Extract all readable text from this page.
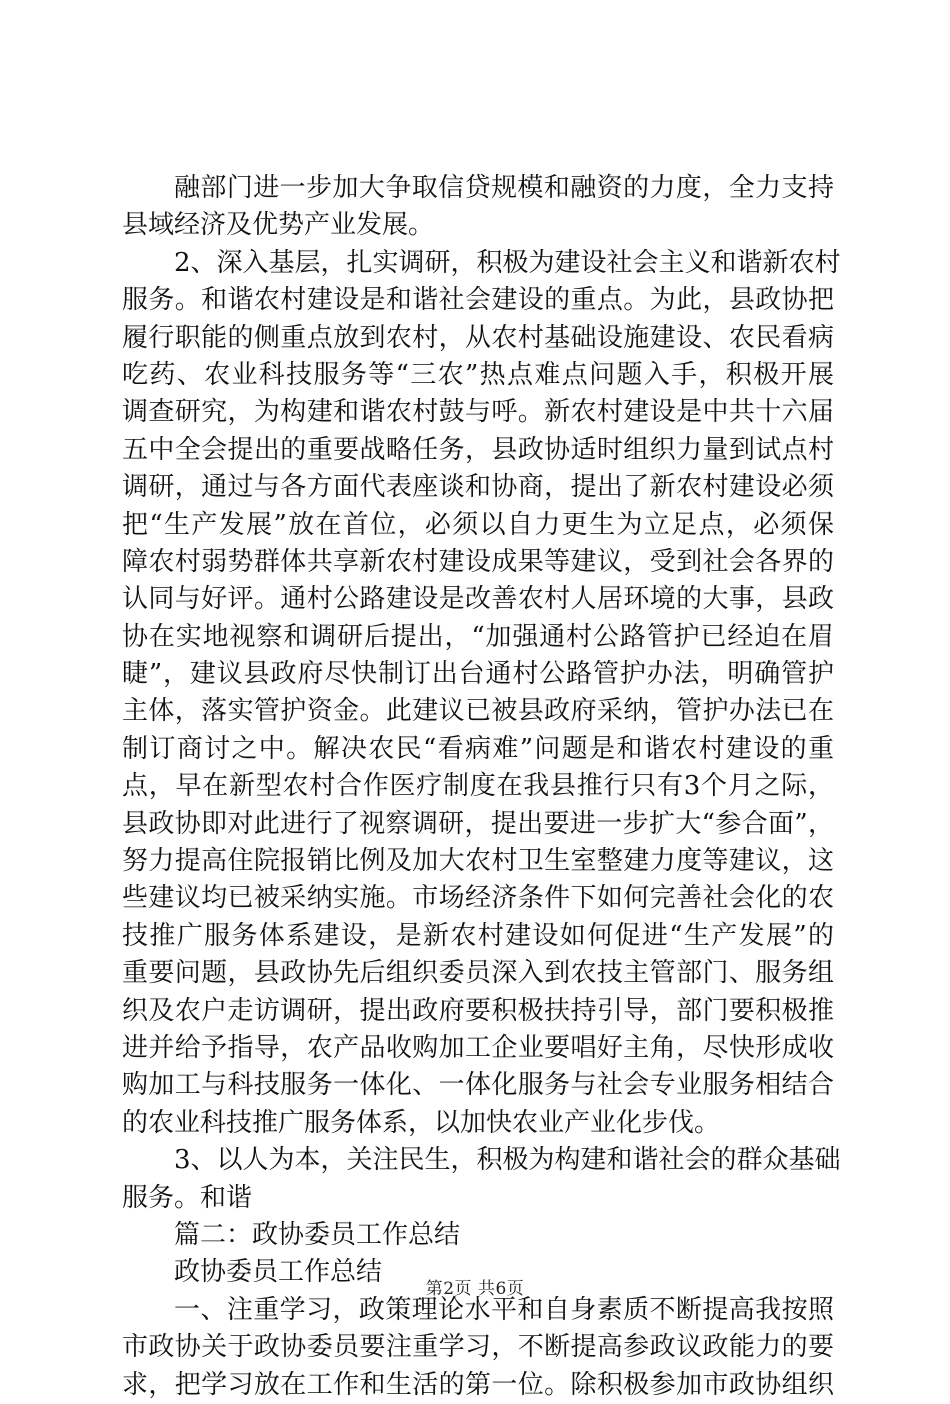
融部门进一步加大争取信贷规模和融资的力度，全力支持
县域经济及优势产业发展。
2、深入基层，扎实调研，积极为建设社会主义和谐新农村
服务。和谐农村建设是和谐社会建设的重点。为此，县政协把
履行职能的侧重点放到农村，从农村基础设施建设、农民看病
吃药、农业科技服务等“三农”热点难点问题入手，积极开展
调查研究，为构建和谐农村鼓与呼。新农村建设是中共十六届
五中全会提出的重要战略任务，县政协适时组织力量到试点村
调研，通过与各方面代表座谈和协商，提出了新农村建设必须
把“生产发展”放在首位，必须以自力更生为立足点，必须保
障农村弱势群体共享新农村建设成果等建议，受到社会各界的
认同与好评。通村公路建设是改善农村人居环境的大事，县政
协在实地视察和调研后提出，“加强通村公路管护已经迫在眉
睫”，建议县政府尽快制订出台通村公路管护办法，明确管护
主体，落实管护资金。此建议已被县政府采纳，管护办法已在
制订商讨之中。解决农民“看病难”问题是和谐农村建设的重
点，早在新型农村合作医疗制度在我县推行只有3个月之际，
县政协即对此进行了视察调研，提出要进一步扩大“参合面”，
努力提高住院报销比例及加大农村卫生室整建力度等建议，这
些建议均已被采纳实施。市场经济条件下如何完善社会化的农
技推广服务体系建设，是新农村建设如何促进“生产发展”的
重要问题，县政协先后组织委员深入到农技主管部门、服务组
织及农户走访调研，提出政府要积极扶持引导，部门要积极推
进并给予指导，农产品收购加工企业要唱好主角，尽快形成收
购加工与科技服务一体化、一体化服务与社会专业服务相结合
的农业科技推广服务体系，以加快农业产业化步伐。
3、以人为本，关注民生，积极为构建和谐社会的群众基础
服务。和谐
篇二：政协委员工作总结
政协委员工作总结
一、注重学习，政策理论水平和自身素质不断提高我按照
市政协关于政协委员要注重学习，不断提高参政议政能力的要
求，把学习放在工作和生活的第一位。除积极参加市政协组织
第2页 共6页
